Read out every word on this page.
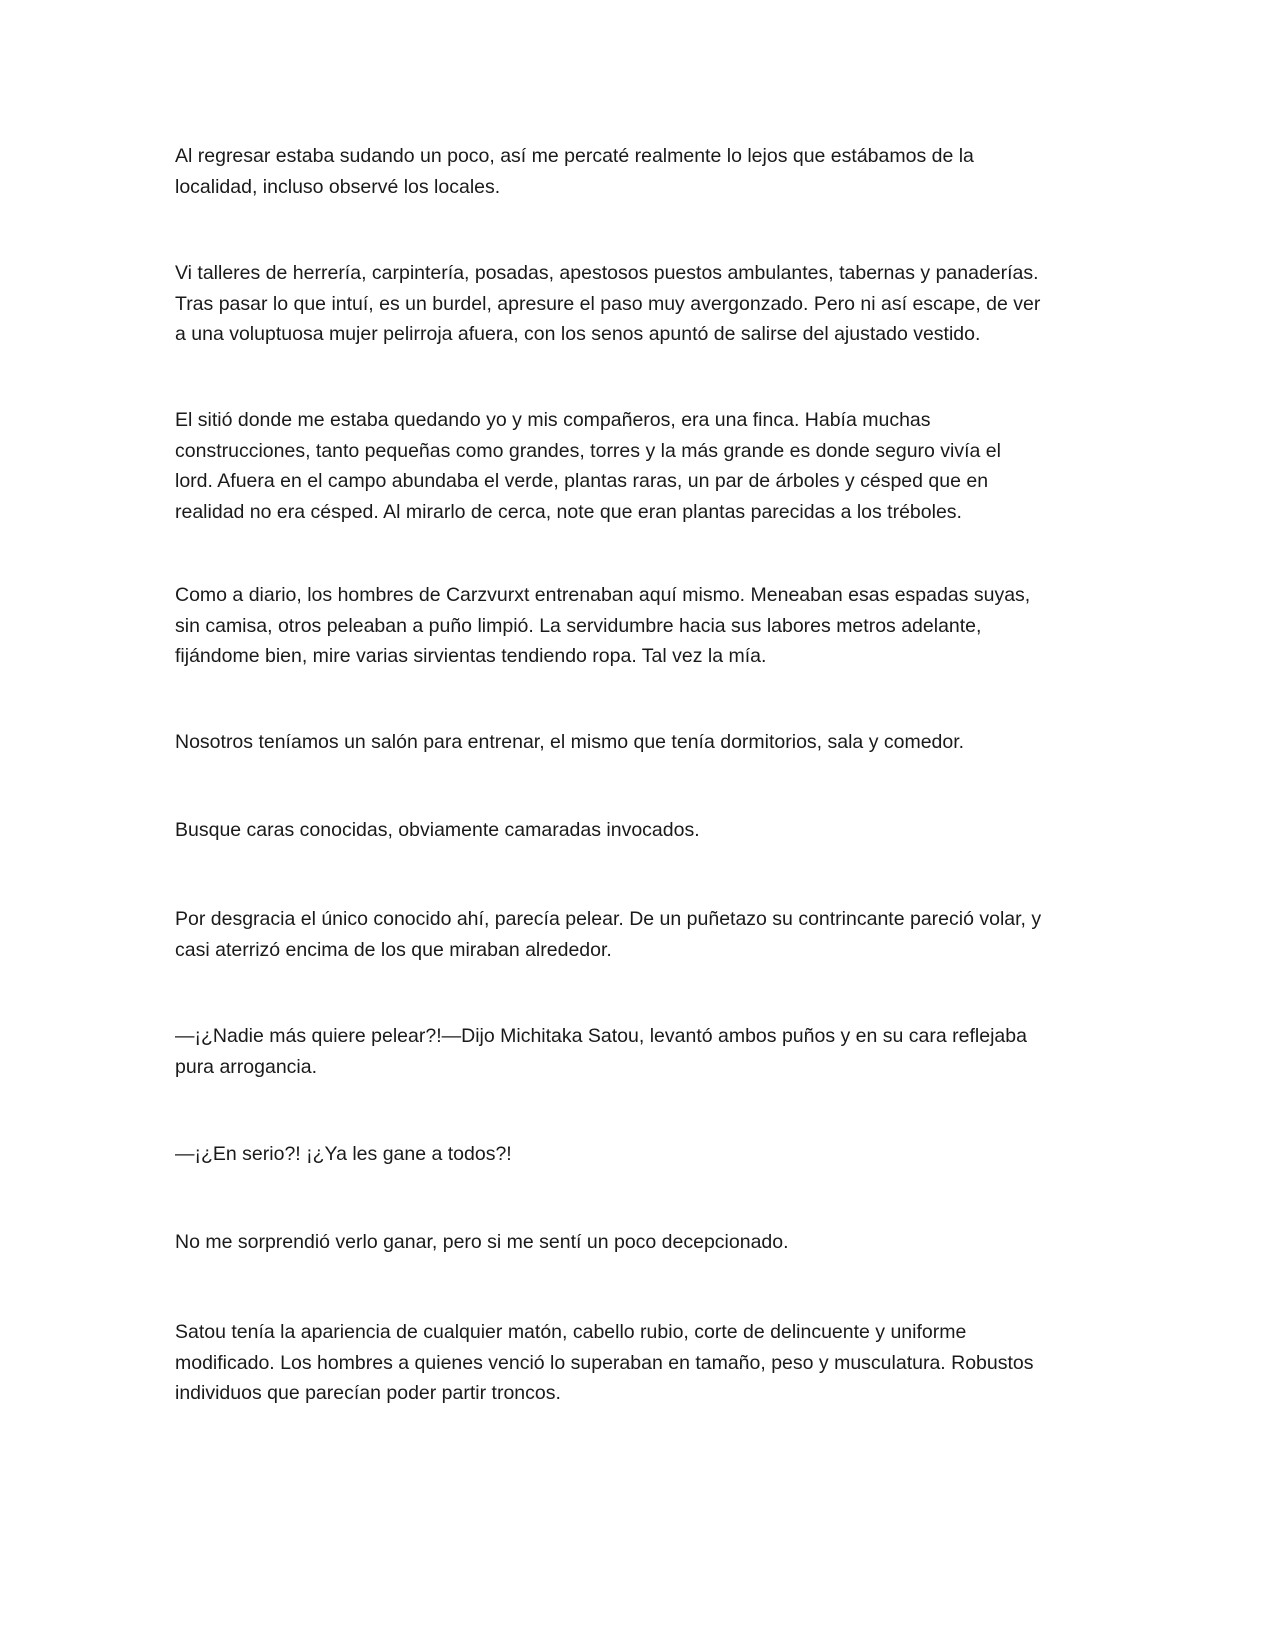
Al regresar estaba sudando un poco, así me percaté realmente lo lejos que estábamos de la
localidad, incluso observé los locales.

Vi talleres de herrería, carpintería, posadas, apestosos puestos ambulantes, tabernas y panaderías.
Tras pasar lo que intuí, es un burdel, apresure el paso muy avergonzado. Pero ni así escape, de ver
a una voluptuosa mujer pelirroja afuera, con los senos apuntó de salirse del ajustado vestido.

El sitió donde me estaba quedando yo y mis compañeros, era una finca. Había muchas
construcciones, tanto pequeñas como grandes, torres y la más grande es donde seguro vivía el
lord. Afuera en el campo abundaba el verde, plantas raras, un par de árboles y césped que en
realidad no era césped. Al mirarlo de cerca, note que eran plantas parecidas a los tréboles.

Como a diario, los hombres de Carzvurxt entrenaban aquí mismo. Meneaban esas espadas suyas,
sin camisa, otros peleaban a puño limpió. La servidumbre hacia sus labores metros adelante,
fijándome bien, mire varias sirvientas tendiendo ropa. Tal vez la mía.

Nosotros teníamos un salón para entrenar, el mismo que tenía dormitorios, sala y comedor.

Busque caras conocidas, obviamente camaradas invocados.

Por desgracia el único conocido ahí, parecía pelear. De un puñetazo su contrincante pareció volar, y
casi aterrizó encima de los que miraban alrededor.

—¡¿Nadie más quiere pelear?!—Dijo Michitaka Satou, levantó ambos puños y en su cara reflejaba
pura arrogancia.

—¡¿En serio?! ¡¿Ya les gane a todos?!

No me sorprendió verlo ganar, pero si me sentí un poco decepcionado.

Satou tenía la apariencia de cualquier matón, cabello rubio, corte de delincuente y uniforme
modificado. Los hombres a quienes venció lo superaban en tamaño, peso y musculatura. Robustos
individuos que parecían poder partir troncos.
